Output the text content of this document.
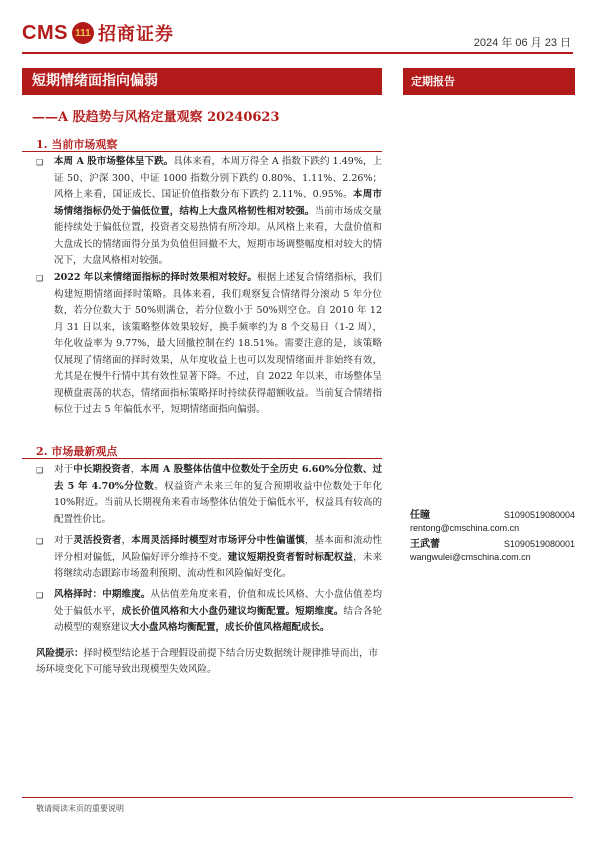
CMS 111 招商证券	2024 年 06 月 23 日
短期情绪面指向偏弱	定期报告
——A 股趋势与风格定量观察 20240623
1. 当前市场观察
❑ 本周 A 股市场整体呈下跌。具体来看，本周万得全 A 指数下跌约 1.49%，上证 50、沪深 300、中证 1000 指数分别下跌约 0.80%、1.11%、2.26%；风格上来看，国证成长、国证价值指数分布下跌约 2.11%、0.95%。本周市场情绪指标仍处于偏低位置，结构上大盘风格韧性相对较强。当前市场成交量能持续处于偏低位置，投资者交易热情有所冷却。从风格上来看，大盘价值和大盘成长的情绪面得分虽为负值但回撤不大，短期市场调整幅度相对较大的情况下，大盘风格相对较强。
❑ 2022 年以来情绪面指标的择时效果相对较好。根据上述复合情绪指标，我们构建短期情绪面择时策略。具体来看，我们观察复合情绪得分滚动 5 年分位数，若分位数大于 50%则满仓，若分位数小于 50%则空仓。自 2010 年 12 月 31 日以来，该策略整体效果较好，换手频率约为 8 个交易日（1-2 周），年化收益率为 9.77%，最大回撤控制在约 18.51%。需要注意的是，该策略仅展现了情绪面的择时效果，从年度收益上也可以发现情绪面并非始终有效，尤其是在慢牛行情中其有效性显著下降。不过，自 2022 年以来，市场整体呈现横盘震荡的状态，情绪面指标策略择时持续获得超额收益。当前复合情绪指标位于过去 5 年偏低水平，短期情绪面指向偏弱。
2. 市场最新观点
❑ 对于中长期投资者，本周 A 股整体估值中位数处于全历史 6.60%分位数、过去 5 年 4.70%分位数。权益资产未来三年的复合预期收益中位数处于年化 10%附近。当前从长期视角来看市场整体估值处于偏低水平，权益具有较高的配置性价比。
❑ 对于灵活投资者，本周灵活择时模型对市场评分中性偏谨慎，基本面和流动性评分相对偏低，风险偏好评分维持不变。建议短期投资者暂时标配权益，未来将继续动态跟踪市场盈利预期、流动性和风险偏好变化。
❑ 风格择时：中期维度。从估值差角度来看，价值和成长风格、大小盘估值差均处于偏低水平，成长价值风格和大小盘仍建议均衡配置。短期维度。结合各轮动模型的观察建议大小盘风格均衡配置，成长价值风格超配成长。
风险提示：择时模型结论基于合理假设前提下结合历史数据统计规律推导而出，市场环境变化下可能导致出现模型失效风险。
任瞳	S1090519080004
rentong@cmschina.com.cn
王武蕾	S1090519080001
wangwulei@cmschina.com.cn
敬请阅读末页的重要说明
